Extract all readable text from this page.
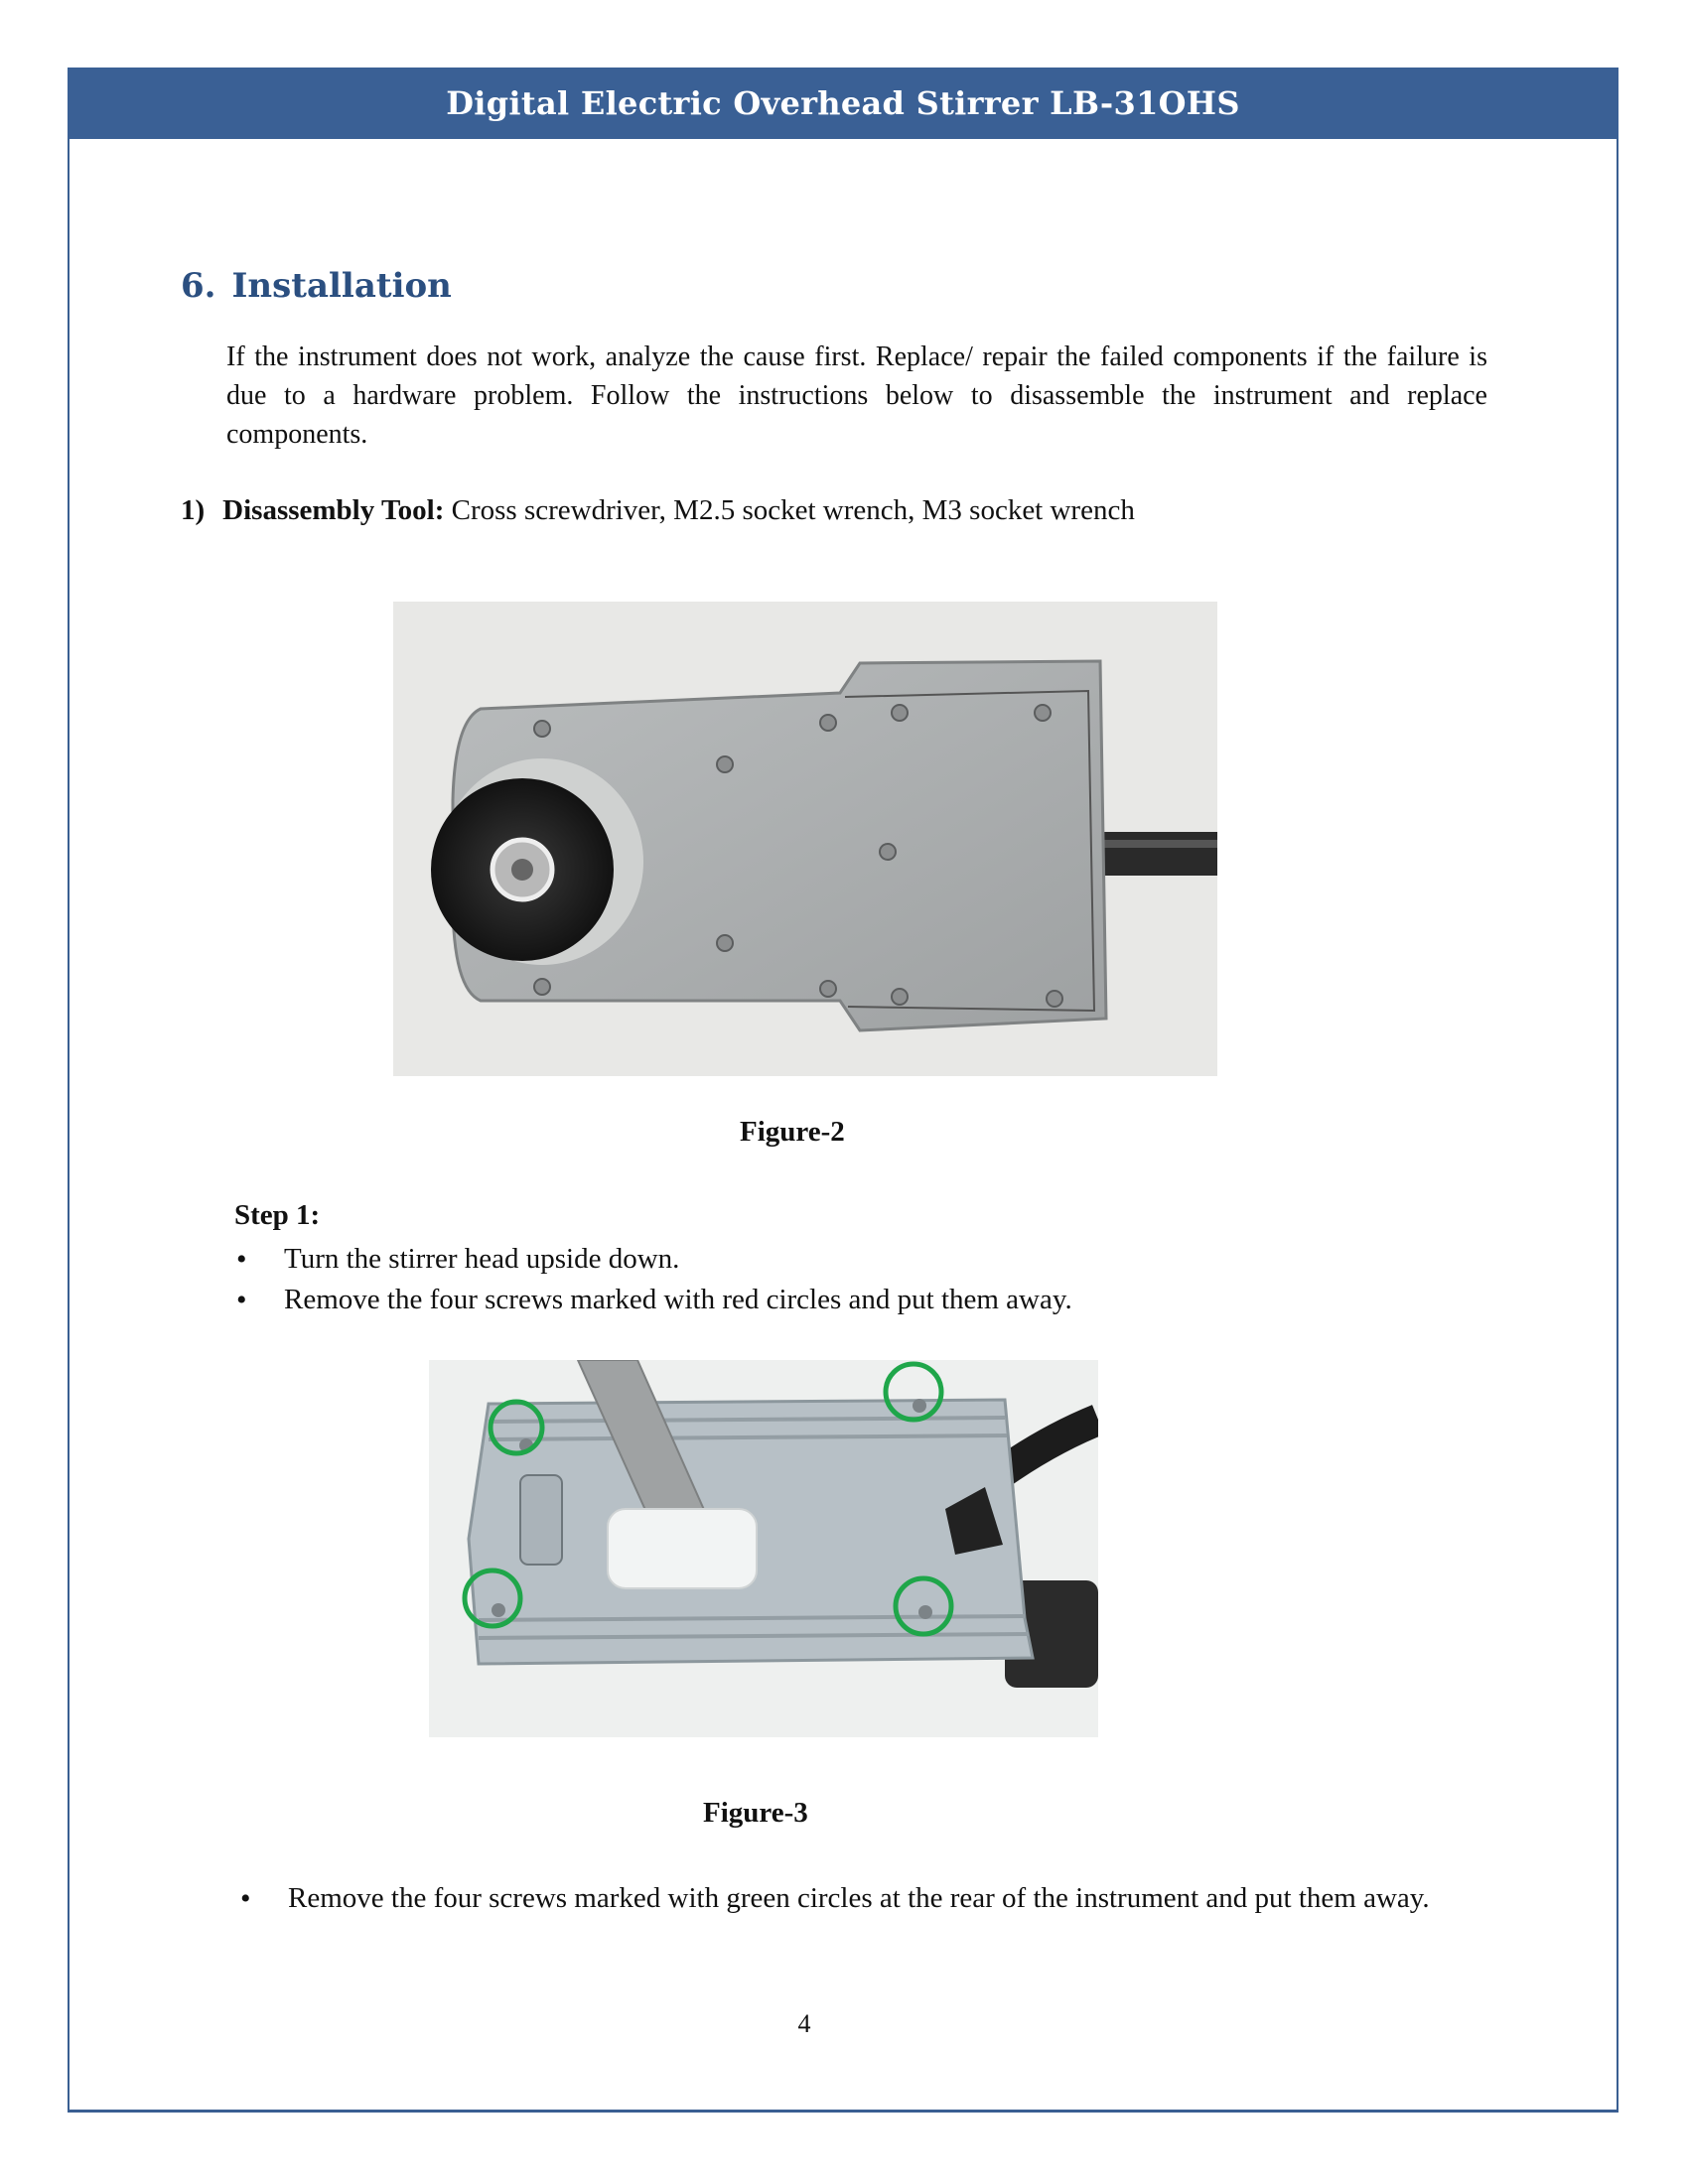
Digital Electric Overhead Stirrer LB-31OHS
6. Installation
If the instrument does not work, analyze the cause first. Replace/ repair the failed components if the failure is due to a hardware problem. Follow the instructions below to disassemble the instrument and replace components.
1) Disassembly Tool: Cross screwdriver, M2.5 socket wrench, M3 socket wrench
Figure-2
Step 1:
• Turn the stirrer head upside down.
• Remove the four screws marked with red circles and put them away.
Figure-3
• Remove the four screws marked with green circles at the rear of the instrument and put them away.
4
